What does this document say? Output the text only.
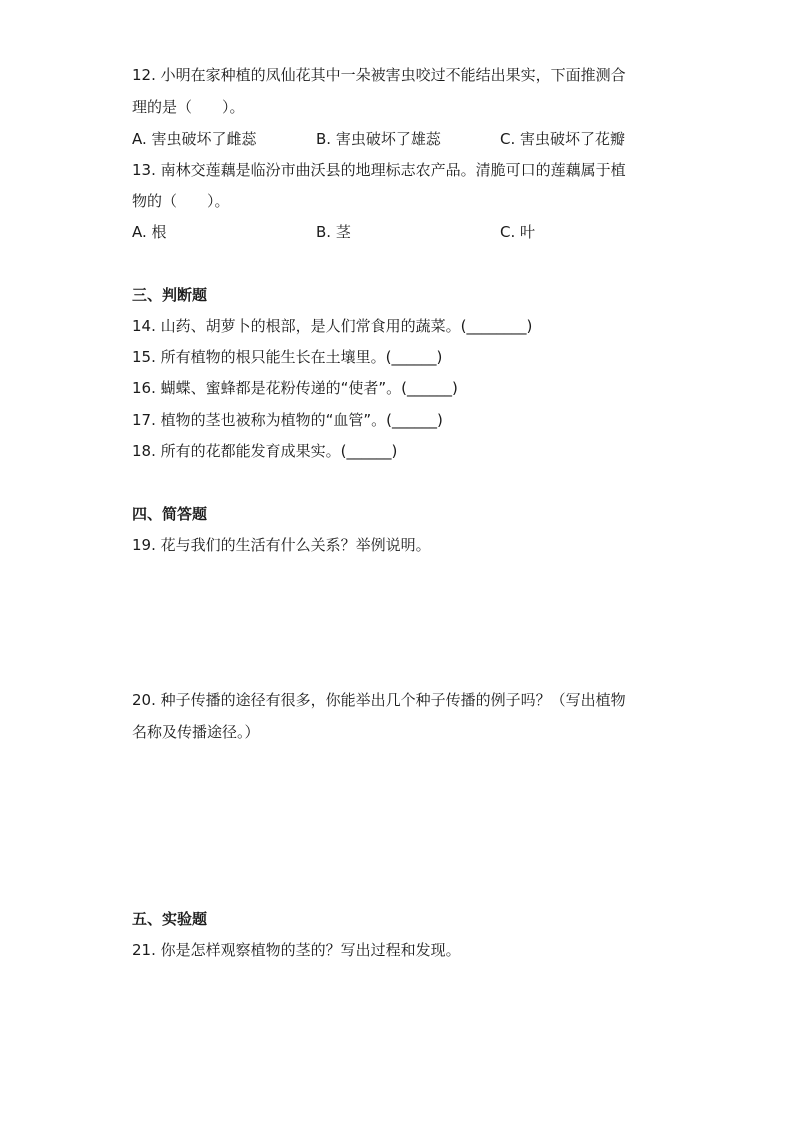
12. 小明在家种植的凤仙花其中一朵被害虫咬过不能结出果实，下面推测合
理的是（　　）。
A. 害虫破坏了雌蕊	B. 害虫破坏了雄蕊	C. 害虫破坏了花瓣
13. 南林交莲藕是临汾市曲沃县的地理标志农产品。清脆可口的莲藕属于植
物的（　　）。
A. 根	B. 茎	C. 叶
三、判断题
14. 山药、胡萝卜的根部，是人们常食用的蔬菜。(________)
15. 所有植物的根只能生长在土壤里。(______)
16. 蝴蝶、蜜蜂都是花粉传递的“使者”。(______)
17. 植物的茎也被称为植物的“血管”。(______)
18. 所有的花都能发育成果实。(______)
四、简答题
19. 花与我们的生活有什么关系？举例说明。
20. 种子传播的途径有很多，你能举出几个种子传播的例子吗？（写出植物
名称及传播途径。）
五、实验题
21. 你是怎样观察植物的茎的？写出过程和发现。
